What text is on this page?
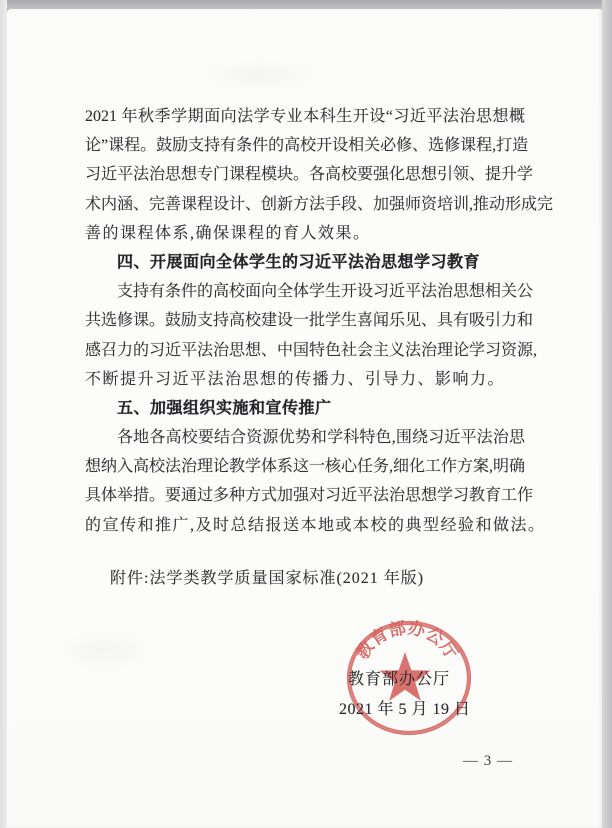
2021 年秋季学期面向法学专业本科生开设“习近平法治思想概
论”课程。鼓励支持有条件的高校开设相关必修、选修课程,打造
习近平法治思想专门课程模块。各高校要强化思想引领、提升学
术内涵、完善课程设计、创新方法手段、加强师资培训,推动形成完
善的课程体系,确保课程的育人效果。
四、开展面向全体学生的习近平法治思想学习教育
支持有条件的高校面向全体学生开设习近平法治思想相关公
共选修课。鼓励支持高校建设一批学生喜闻乐见、具有吸引力和
感召力的习近平法治思想、中国特色社会主义法治理论学习资源,
不断提升习近平法治思想的传播力、引导力、影响力。
五、加强组织实施和宣传推广
各地各高校要结合资源优势和学科特色,围绕习近平法治思
想纳入高校法治理论教学体系这一核心任务,细化工作方案,明确
具体举措。要通过多种方式加强对习近平法治思想学习教育工作
的宣传和推广,及时总结报送本地或本校的典型经验和做法。
附件:法学类教学质量国家标准(2021 年版)
教育部办公厅
教育部办公厅
2021 年 5 月 19 日
— 3 —
